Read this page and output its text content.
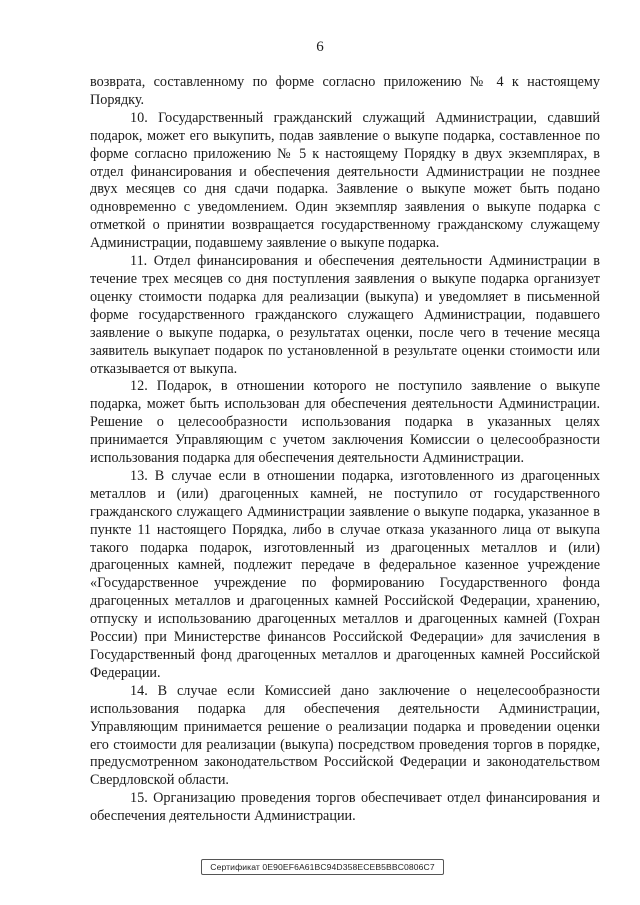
6

возврата, составленному по форме согласно приложению № 4 к настоящему Порядку.

10. Государственный гражданский служащий Администрации, сдавший подарок, может его выкупить, подав заявление о выкупе подарка, составленное по форме согласно приложению № 5 к настоящему Порядку в двух экземплярах, в отдел финансирования и обеспечения деятельности Администрации не позднее двух месяцев со дня сдачи подарка. Заявление о выкупе может быть подано одновременно с уведомлением. Один экземпляр заявления о выкупе подарка с отметкой о принятии возвращается государственному гражданскому служащему Администрации, подавшему заявление о выкупе подарка.

11. Отдел финансирования и обеспечения деятельности Администрации в течение трех месяцев со дня поступления заявления о выкупе подарка организует оценку стоимости подарка для реализации (выкупа) и уведомляет в письменной форме государственного гражданского служащего Администрации, подавшего заявление о выкупе подарка, о результатах оценки, после чего в течение месяца заявитель выкупает подарок по установленной в результате оценки стоимости или отказывается от выкупа.

12. Подарок, в отношении которого не поступило заявление о выкупе подарка, может быть использован для обеспечения деятельности Администрации. Решение о целесообразности использования подарка в указанных целях принимается Управляющим с учетом заключения Комиссии о целесообразности использования подарка для обеспечения деятельности Администрации.

13. В случае если в отношении подарка, изготовленного из драгоценных металлов и (или) драгоценных камней, не поступило от государственного гражданского служащего Администрации заявление о выкупе подарка, указанное в пункте 11 настоящего Порядка, либо в случае отказа указанного лица от выкупа такого подарка подарок, изготовленный из драгоценных металлов и (или) драгоценных камней, подлежит передаче в федеральное казенное учреждение «Государственное учреждение по формированию Государственного фонда драгоценных металлов и драгоценных камней Российской Федерации, хранению, отпуску и использованию драгоценных металлов и драгоценных камней (Гохран России) при Министерстве финансов Российской Федерации» для зачисления в Государственный фонд драгоценных металлов и драгоценных камней Российской Федерации.

14. В случае если Комиссией дано заключение о нецелесообразности использования подарка для обеспечения деятельности Администрации, Управляющим принимается решение о реализации подарка и проведении оценки его стоимости для реализации (выкупа) посредством проведения торгов в порядке, предусмотренном законодательством Российской Федерации и законодательством Свердловской области.

15. Организацию проведения торгов обеспечивает отдел финансирования и обеспечения деятельности Администрации.

Сертификат 0E90EF6A61BC94D358ECEB5BBC0806C7
